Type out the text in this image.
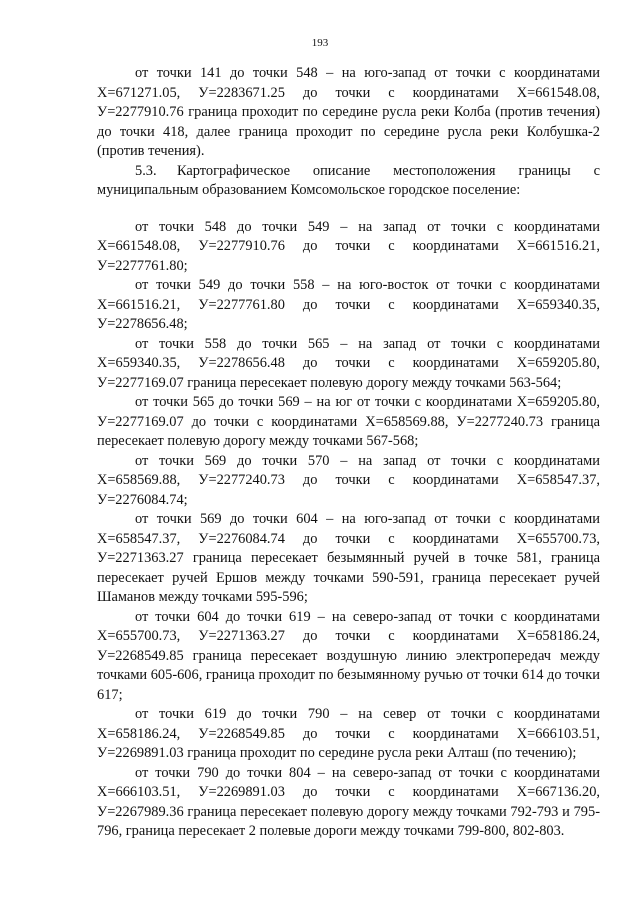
193

от точки 141 до точки 548 – на юго-запад от точки с координатами Х=671271.05, У=2283671.25 до точки с координатами Х=661548.08, У=2277910.76 граница проходит по середине русла реки Колба (против течения) до точки 418, далее граница проходит по середине русла реки Колбушка-2 (против течения).

5.3. Картографическое описание местоположения границы с муниципальным образованием Комсомольское городское поселение:

от точки 548 до точки 549 – на запад от точки с координатами Х=661548.08, У=2277910.76 до точки с координатами Х=661516.21, У=2277761.80;

от точки 549 до точки 558 – на юго-восток от точки с координатами Х=661516.21, У=2277761.80 до точки с координатами Х=659340.35, У=2278656.48;

от точки 558 до точки 565 – на запад от точки с координатами Х=659340.35, У=2278656.48 до точки с координатами Х=659205.80, У=2277169.07 граница пересекает полевую дорогу между точками 563-564;

от точки 565 до точки 569 – на юг от точки с координатами Х=659205.80, У=2277169.07 до точки с координатами Х=658569.88, У=2277240.73 граница пересекает полевую дорогу между точками 567-568;

от точки 569 до точки 570 – на запад от точки с координатами Х=658569.88, У=2277240.73 до точки с координатами Х=658547.37, У=2276084.74;

от точки 569 до точки 604 – на юго-запад от точки с координатами Х=658547.37, У=2276084.74 до точки с координатами Х=655700.73, У=2271363.27 граница пересекает безымянный ручей в точке 581, граница пересекает ручей Ершов между точками 590-591, граница пересекает ручей Шаманов между точками 595-596;

от точки 604 до точки 619 – на северо-запад от точки с координатами Х=655700.73, У=2271363.27 до точки с координатами Х=658186.24, У=2268549.85 граница пересекает воздушную линию электропередач между точками 605-606, граница проходит по безымянному ручью от точки 614 до точки 617;

от точки 619 до точки 790 – на север от точки с координатами Х=658186.24, У=2268549.85 до точки с координатами Х=666103.51, У=2269891.03 граница проходит по середине русла реки Алташ (по течению);

от точки 790 до точки 804 – на северо-запад от точки с координатами Х=666103.51, У=2269891.03 до точки с координатами Х=667136.20, У=2267989.36 граница пересекает полевую дорогу между точками 792-793 и 795-796, граница пересекает 2 полевые дороги между точками 799-800, 802-803.
